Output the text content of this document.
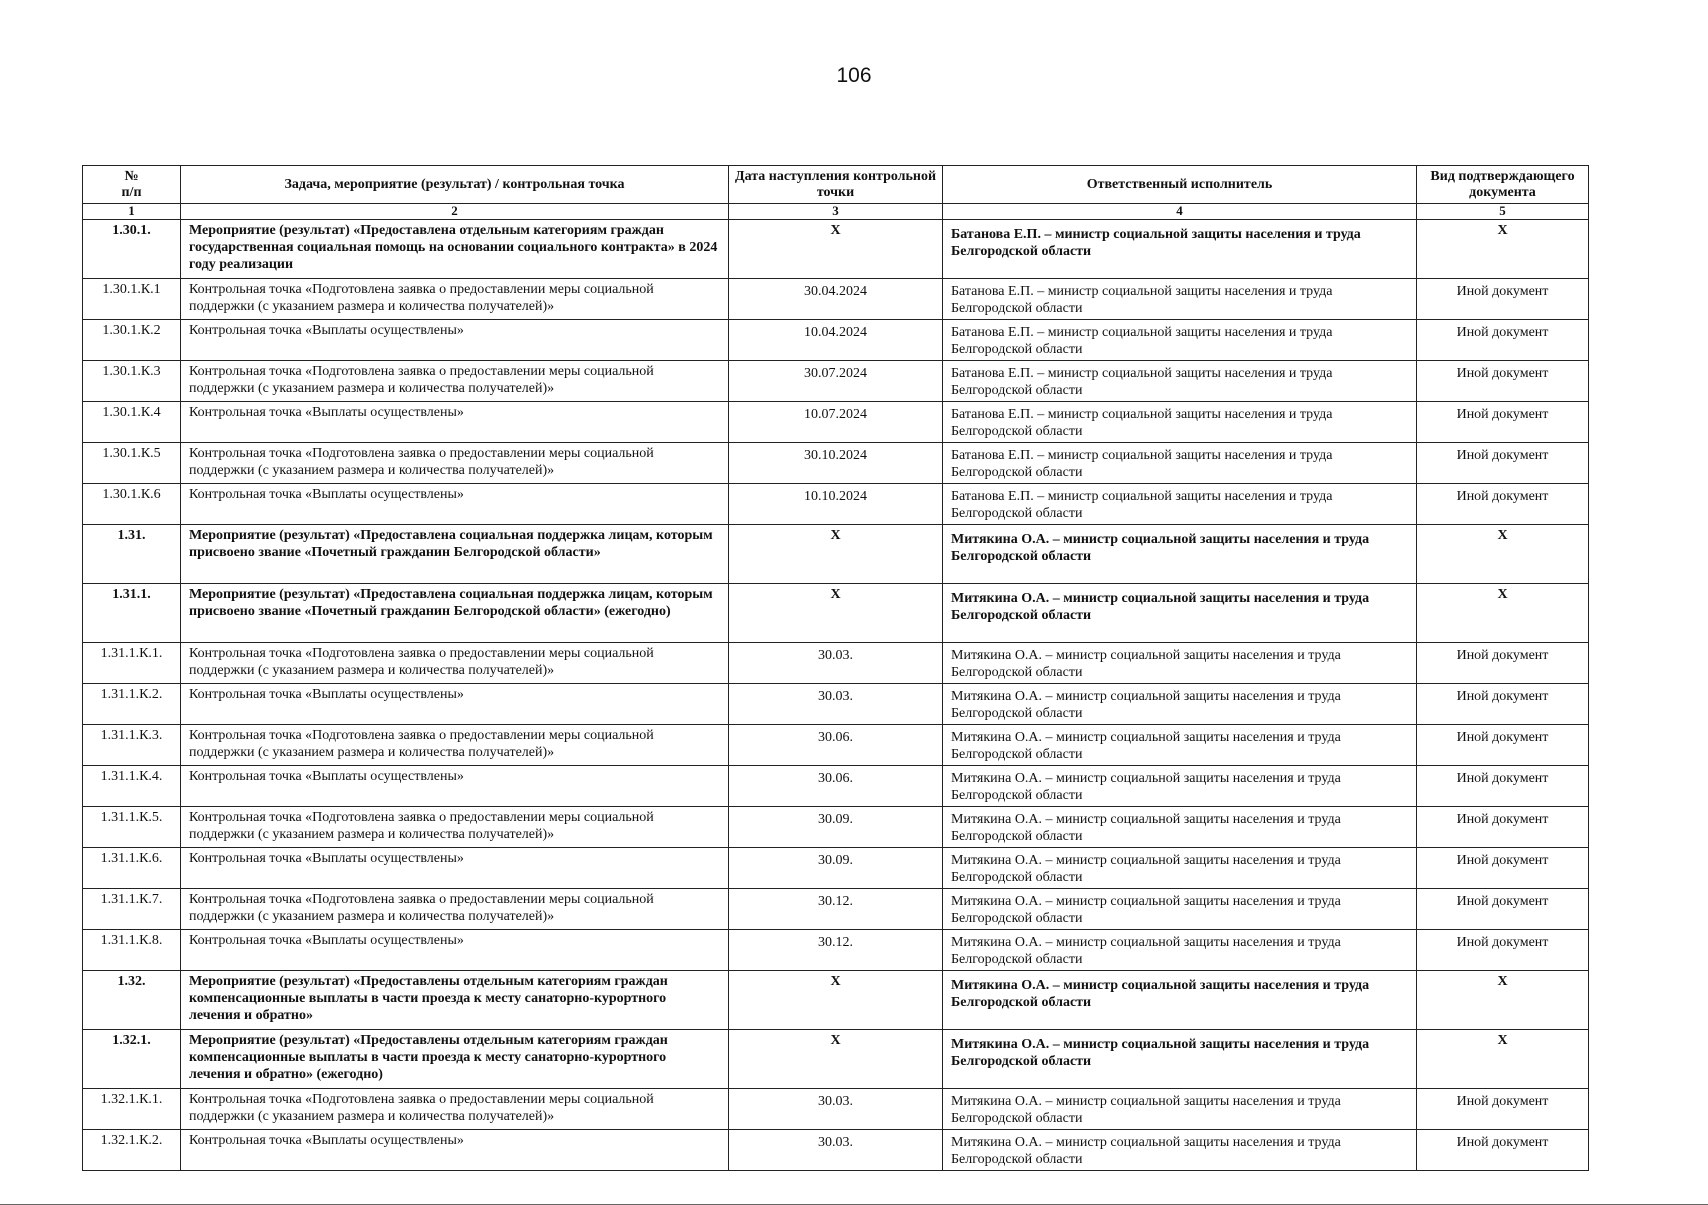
106
№
п/п	Задача, мероприятие (результат) / контрольная точка	Дата наступления контрольной точки	Ответственный исполнитель	Вид подтверждающего документа
1	2	3	4	5
1.30.1.	Мероприятие (результат) «Предоставлена отдельным категориям граждан государственная социальная помощь на основании социального контракта» в 2024 году реализации	Х	Батанова Е.П. – министр социальной защиты населения и труда Белгородской области	Х
1.30.1.К.1	Контрольная точка «Подготовлена заявка о предоставлении меры социальной поддержки (с указанием размера и количества получателей)»	30.04.2024	Батанова Е.П. – министр социальной защиты населения и труда Белгородской области	Иной документ
1.30.1.К.2	Контрольная точка «Выплаты осуществлены»	10.04.2024	Батанова Е.П. – министр социальной защиты населения и труда Белгородской области	Иной документ
1.30.1.К.3	Контрольная точка «Подготовлена заявка о предоставлении меры социальной поддержки (с указанием размера и количества получателей)»	30.07.2024	Батанова Е.П. – министр социальной защиты населения и труда Белгородской области	Иной документ
1.30.1.К.4	Контрольная точка «Выплаты осуществлены»	10.07.2024	Батанова Е.П. – министр социальной защиты населения и труда Белгородской области	Иной документ
1.30.1.К.5	Контрольная точка «Подготовлена заявка о предоставлении меры социальной поддержки (с указанием размера и количества получателей)»	30.10.2024	Батанова Е.П. – министр социальной защиты населения и труда Белгородской области	Иной документ
1.30.1.К.6	Контрольная точка «Выплаты осуществлены»	10.10.2024	Батанова Е.П. – министр социальной защиты населения и труда Белгородской области	Иной документ
1.31.	Мероприятие (результат) «Предоставлена социальная поддержка лицам, которым присвоено звание «Почетный гражданин Белгородской области»	Х	Митякина О.А. – министр социальной защиты населения и труда Белгородской области	Х
1.31.1.	Мероприятие (результат) «Предоставлена социальная поддержка лицам, которым присвоено звание «Почетный гражданин Белгородской области» (ежегодно)	Х	Митякина О.А. – министр социальной защиты населения и труда Белгородской области	Х
1.31.1.К.1.	Контрольная точка «Подготовлена заявка о предоставлении меры социальной поддержки (с указанием размера и количества получателей)»	30.03.	Митякина О.А. – министр социальной защиты населения и труда Белгородской области	Иной документ
1.31.1.К.2.	Контрольная точка «Выплаты осуществлены»	30.03.	Митякина О.А. – министр социальной защиты населения и труда Белгородской области	Иной документ
1.31.1.К.3.	Контрольная точка «Подготовлена заявка о предоставлении меры социальной поддержки (с указанием размера и количества получателей)»	30.06.	Митякина О.А. – министр социальной защиты населения и труда Белгородской области	Иной документ
1.31.1.К.4.	Контрольная точка «Выплаты осуществлены»	30.06.	Митякина О.А. – министр социальной защиты населения и труда Белгородской области	Иной документ
1.31.1.К.5.	Контрольная точка «Подготовлена заявка о предоставлении меры социальной поддержки (с указанием размера и количества получателей)»	30.09.	Митякина О.А. – министр социальной защиты населения и труда Белгородской области	Иной документ
1.31.1.К.6.	Контрольная точка «Выплаты осуществлены»	30.09.	Митякина О.А. – министр социальной защиты населения и труда Белгородской области	Иной документ
1.31.1.К.7.	Контрольная точка «Подготовлена заявка о предоставлении меры социальной поддержки (с указанием размера и количества получателей)»	30.12.	Митякина О.А. – министр социальной защиты населения и труда Белгородской области	Иной документ
1.31.1.К.8.	Контрольная точка «Выплаты осуществлены»	30.12.	Митякина О.А. – министр социальной защиты населения и труда Белгородской области	Иной документ
1.32.	Мероприятие (результат) «Предоставлены отдельным категориям граждан компенсационные выплаты в части проезда к месту санаторно-курортного лечения и обратно»	Х	Митякина О.А. – министр социальной защиты населения и труда Белгородской области	Х
1.32.1.	Мероприятие (результат) «Предоставлены отдельным категориям граждан компенсационные выплаты в части проезда к месту санаторно-курортного лечения и обратно» (ежегодно)	Х	Митякина О.А. – министр социальной защиты населения и труда Белгородской области	Х
1.32.1.К.1.	Контрольная точка «Подготовлена заявка о предоставлении меры социальной поддержки (с указанием размера и количества получателей)»	30.03.	Митякина О.А. – министр социальной защиты населения и труда Белгородской области	Иной документ
1.32.1.К.2.	Контрольная точка «Выплаты осуществлены»	30.03.	Митякина О.А. – министр социальной защиты населения и труда Белгородской области	Иной документ
